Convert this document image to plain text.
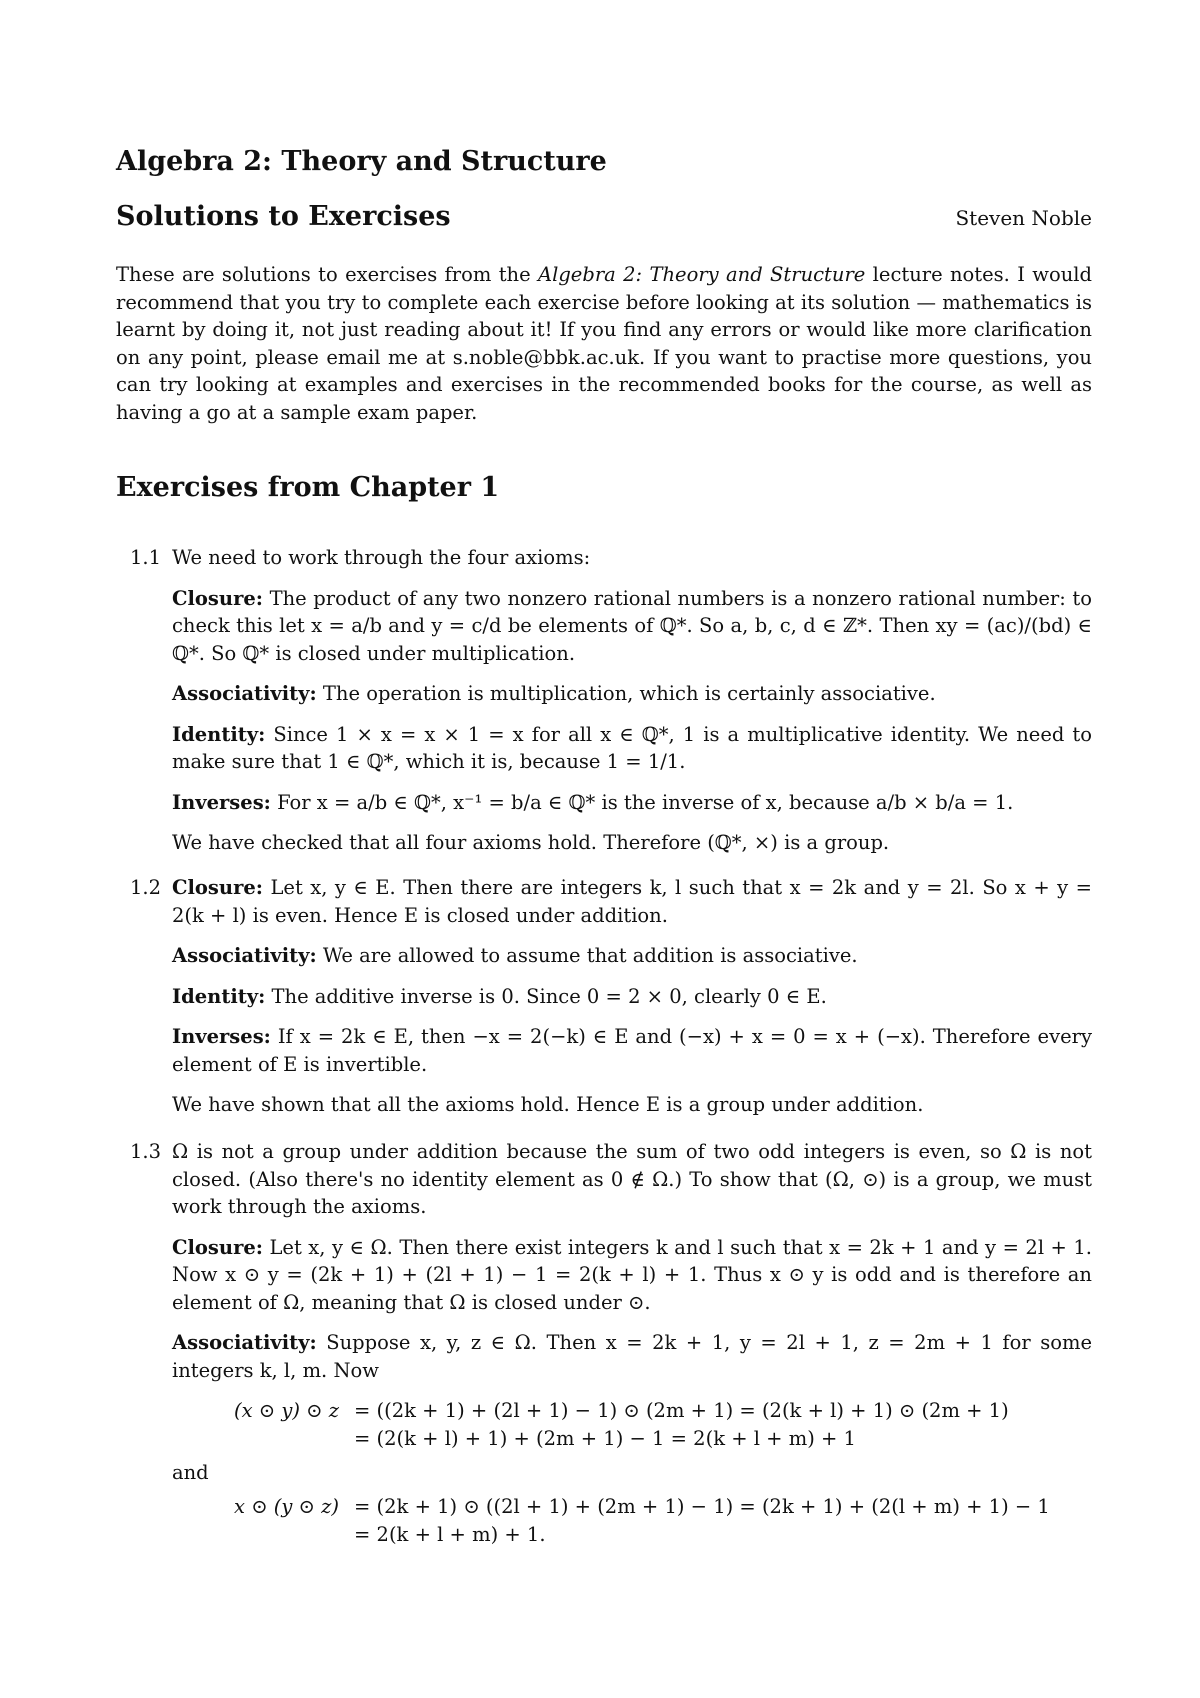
Algebra 2: Theory and Structure
Solutions to Exercises	Steven Noble

These are solutions to exercises from the Algebra 2: Theory and Structure lecture notes. I would recommend that you try to complete each exercise before looking at its solution — mathematics is learnt by doing it, not just reading about it! If you find any errors or would like more clarification on any point, please email me at s.noble@bbk.ac.uk. If you want to practise more questions, you can try looking at examples and exercises in the recommended books for the course, as well as having a go at a sample exam paper.

Exercises from Chapter 1
1.1 We need to work through the four axioms:

Closure: The product of any two nonzero rational numbers is a nonzero rational number: to check this let x = a/b and y = c/d be elements of ℚ*. So a, b, c, d ∈ ℤ*. Then xy = (ac)/(bd) ∈ ℚ*. So ℚ* is closed under multiplication.

Associativity: The operation is multiplication, which is certainly associative.

Identity: Since 1 × x = x × 1 = x for all x ∈ ℚ*, 1 is a multiplicative identity. We need to make sure that 1 ∈ ℚ*, which it is, because 1 = 1/1.

Inverses: For x = a/b ∈ ℚ*, x⁻¹ = b/a ∈ ℚ* is the inverse of x, because a/b × b/a = 1.

We have checked that all four axioms hold. Therefore (ℚ*, ×) is a group.

1.2 Closure: Let x, y ∈ E. Then there are integers k, l such that x = 2k and y = 2l. So x + y = 2(k + l) is even. Hence E is closed under addition.

Associativity: We are allowed to assume that addition is associative.

Identity: The additive inverse is 0. Since 0 = 2 × 0, clearly 0 ∈ E.

Inverses: If x = 2k ∈ E, then −x = 2(−k) ∈ E and (−x) + x = 0 = x + (−x). Therefore every element of E is invertible.

We have shown that all the axioms hold. Hence E is a group under addition.

1.3 Ω is not a group under addition because the sum of two odd integers is even, so Ω is not closed. (Also there's no identity element as 0 ∉ Ω.) To show that (Ω, ⊙) is a group, we must work through the axioms.

Closure: Let x, y ∈ Ω. Then there exist integers k and l such that x = 2k + 1 and y = 2l + 1. Now x ⊙ y = (2k + 1) + (2l + 1) − 1 = 2(k + l) + 1. Thus x ⊙ y is odd and is therefore an element of Ω, meaning that Ω is closed under ⊙.

Associativity: Suppose x, y, z ∈ Ω. Then x = 2k + 1, y = 2l + 1, z = 2m + 1 for some integers k, l, m. Now

(x ⊙ y) ⊙ z = ((2k + 1) + (2l + 1) − 1) ⊙ (2m + 1) = (2(k + l) + 1) ⊙ (2m + 1)
= (2(k + l) + 1) + (2m + 1) − 1 = 2(k + l + m) + 1

and

x ⊙ (y ⊙ z) = (2k + 1) ⊙ ((2l + 1) + (2m + 1) − 1) = (2k + 1) + (2(l + m) + 1) − 1
= 2(k + l + m) + 1.
